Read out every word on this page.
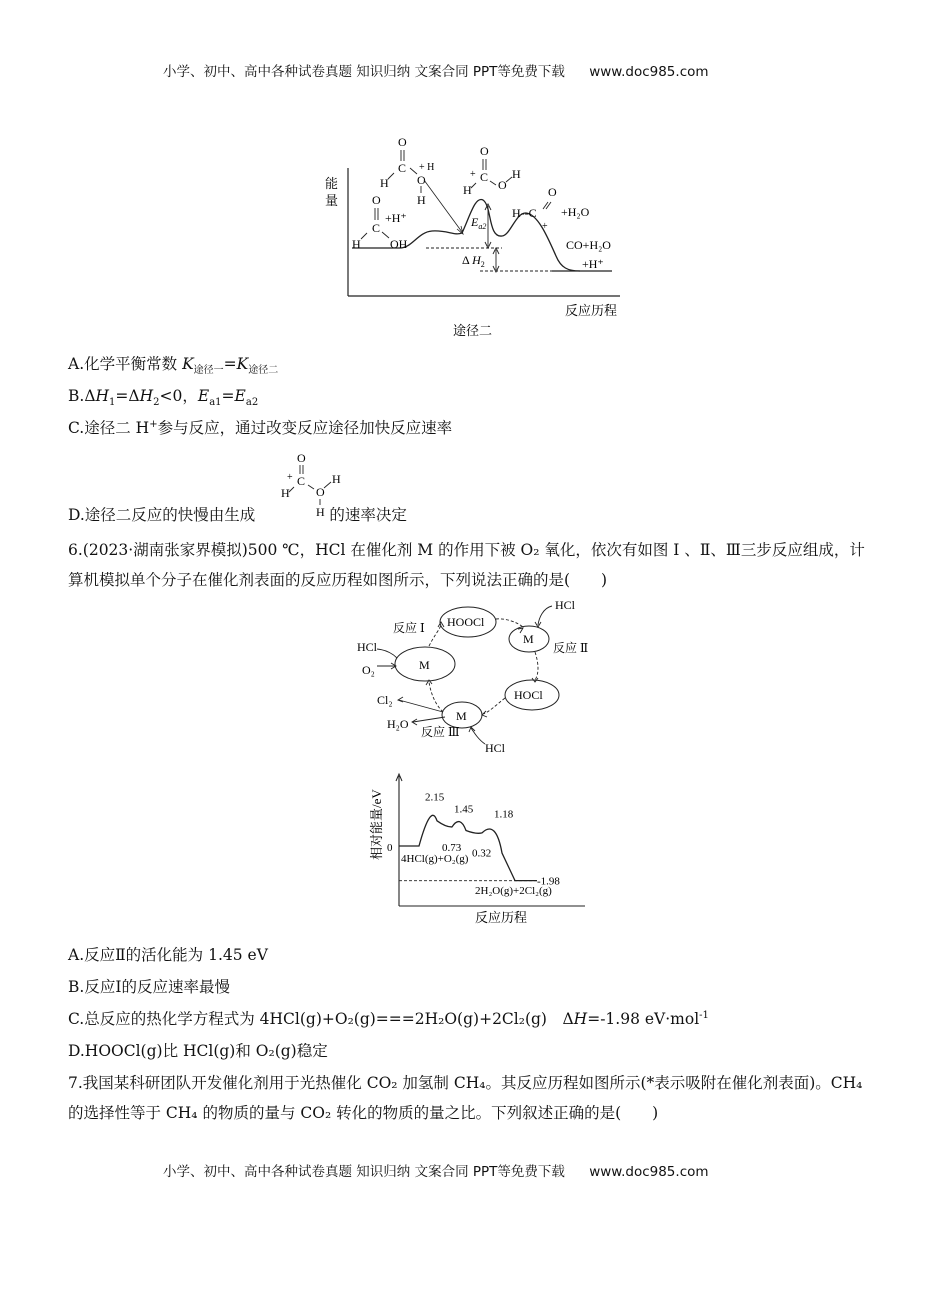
小学、初中、高中各种试卷真题 知识归纳 文案合同 PPT等免费下载 www.doc985.com
能
量
$E_{a2}$
Δ $H_2$
O
C
+H⁺
H OH
O
C
H O
+ H
H
O
+ C
H O
H
O
H--C +H₂O
+
CO+H₂O
+H⁺
反应历程
途径二
A.化学平衡常数 $K_{途径一}=K_{途径二}$
$B.\Delta H_1=\Delta H_2<0$，$E_{a1}=E_{a2}$
C.途径二 H+参与反应，通过改变反应途径加快反应速率
O
+ C
H O
H
H
D.途径二反应的快慢由生成	的速率决定
6.(2023·湖南张家界模拟)500 ℃，HCl 在催化剂 M 的作用下被 O₂ 氧化，依次有如图 Ⅰ 、Ⅱ、Ⅲ三步反应组成，计算机模拟单个分子在催化剂表面的反应历程如图所示，下列说法正确的是(　　)
HOOCl
M
M
HOCl
M
HCl
HCl
O₂
Cl₂
H₂O
HCl
反应 Ⅰ
反应 Ⅱ
反应 Ⅲ
相对能量/eV
反应历程
0
2.15
0.73
1.45
0.32
1.18
-1.98
4HCl(g)+O₂(g)
2H₂O(g)+2Cl₂(g)
A.反应Ⅱ的活化能为 1.45 eV
B.反应Ⅰ的反应速率最慢
C.总反应的热化学方程式为 4HCl(g)+O₂(g)===2H₂O(g)+2Cl₂(g)　ΔH=-1.98 eV·mol$^{-1}$
D.HOOCl(g)比 HCl(g)和 O₂(g)稳定
7.我国某科研团队开发催化剂用于光热催化 CO₂ 加氢制 CH₄。其反应历程如图所示(*表示吸附在催化剂表面)。CH₄ 的选择性等于 CH₄ 的物质的量与 CO₂ 转化的物质的量之比。下列叙述正确的是(　　)
小学、初中、高中各种试卷真题 知识归纳 文案合同 PPT等免费下载 www.doc985.com
